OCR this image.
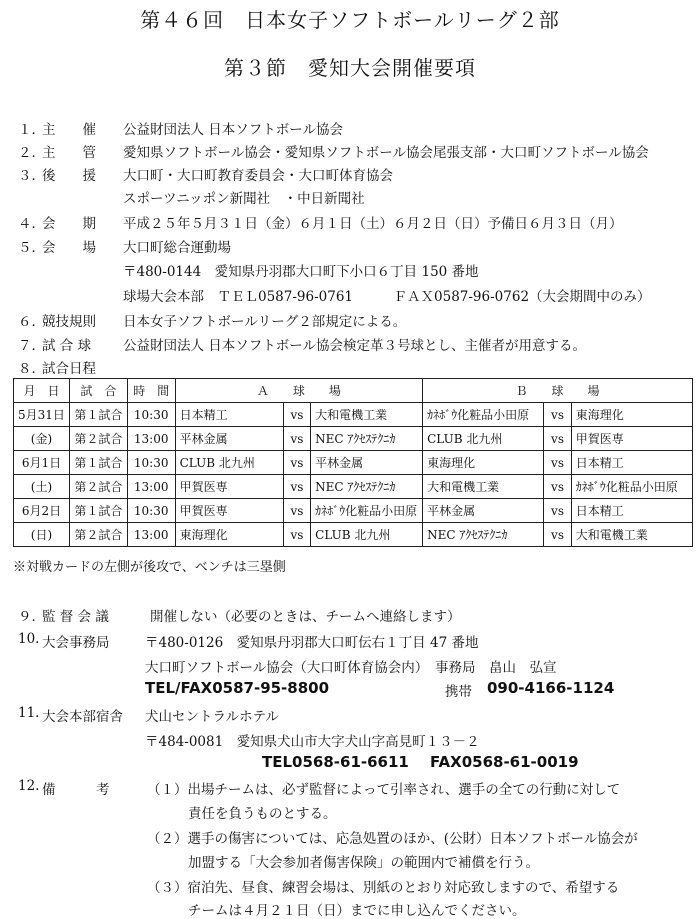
第４６回　日本女子ソフトボールリーグ２部
第３節　愛知大会開催要項
１．
主　　催 公益財団法人 日本ソフトボール協会
２．
主　　管 愛知県ソフトボール協会・愛知県ソフトボール協会尾張支部・大口町ソフトボール協会
３．
後　　援 大口町・大口町教育委員会・大口町体育協会
スポーツニッポン新聞社　・中日新聞社
４．
会　　期 平成２５年５月３１日（金）６月１日（土）６月２日（日）予備日６月３日（月）
５．
会　　場 大口町総合運動場
〒480-0144　愛知県丹羽郡大口町下小口６丁目 150 番地
球場大会本部　ＴＥＬ0587-96-0761　　　ＦＡＸ0587-96-0762（大会期間中のみ）
６．
競技規則 日本女子ソフトボールリーグ２部規定による。
７．
試 合 球 公益財団法人 日本ソフトボール協会検定革３号球とし、主催者が用意する。
８．
試合日程
月　日	試　合	時　間	Ａ　　球　　場			Ｂ　　球　　場		
5月31日	第１試合	10:30	日本精工	vs	大和電機工業	ｶﾈﾎﾞｳ化粧品小田原	vs	東海理化
(金)	第２試合	13:00	平林金属	vs	NEC ｱｸｾｽﾃｸﾆｶ	CLUB 北九州	vs	甲賀医専
6月1日	第１試合	10:30	CLUB 北九州	vs	平林金属	東海理化	vs	日本精工
(土)	第２試合	13:00	甲賀医専	vs	NEC ｱｸｾｽﾃｸﾆｶ	大和電機工業	vs	ｶﾈﾎﾞｳ化粧品小田原
6月2日	第１試合	10:30	甲賀医専	vs	ｶﾈﾎﾞｳ化粧品小田原	平林金属	vs	日本精工
(日)	第２試合	13:00	東海理化	vs	CLUB 北九州	NEC ｱｸｾｽﾃｸﾆｶ	vs	大和電機工業
※対戦カードの左側が後攻で、ベンチは三塁側
９．
監 督 会 議	開催しない（必要のときは、チームへ連絡します）
10. 大会事務局	〒480-0126　愛知県丹羽郡大口町伝右１丁目 47 番地
大口町ソフトボール協会（大口町体育協会内）　事務局　畠山　弘宣
TEL/FAX0587-95-8800	携帯 090-4166-1124
11. 大会本部宿舎 犬山セントラルホテル
〒484-0081　愛知県犬山市大字犬山字高見町１３－２
TEL0568-61-6611 FAX0568-61-0019
12. 備　　　考	（１）出場チームは、必ず監督によって引率され、選手の全ての行動に対して
責任を負うものとする。
（２）選手の傷害については、応急処置のほか、(公財）日本ソフトボール協会が
加盟する「大会参加者傷害保険」の範囲内で補償を行う。
（３）宿泊先、昼食、練習会場は、別紙のとおり対応致しますので、希望する
チームは４月２１日（日）までに申し込んでください。
